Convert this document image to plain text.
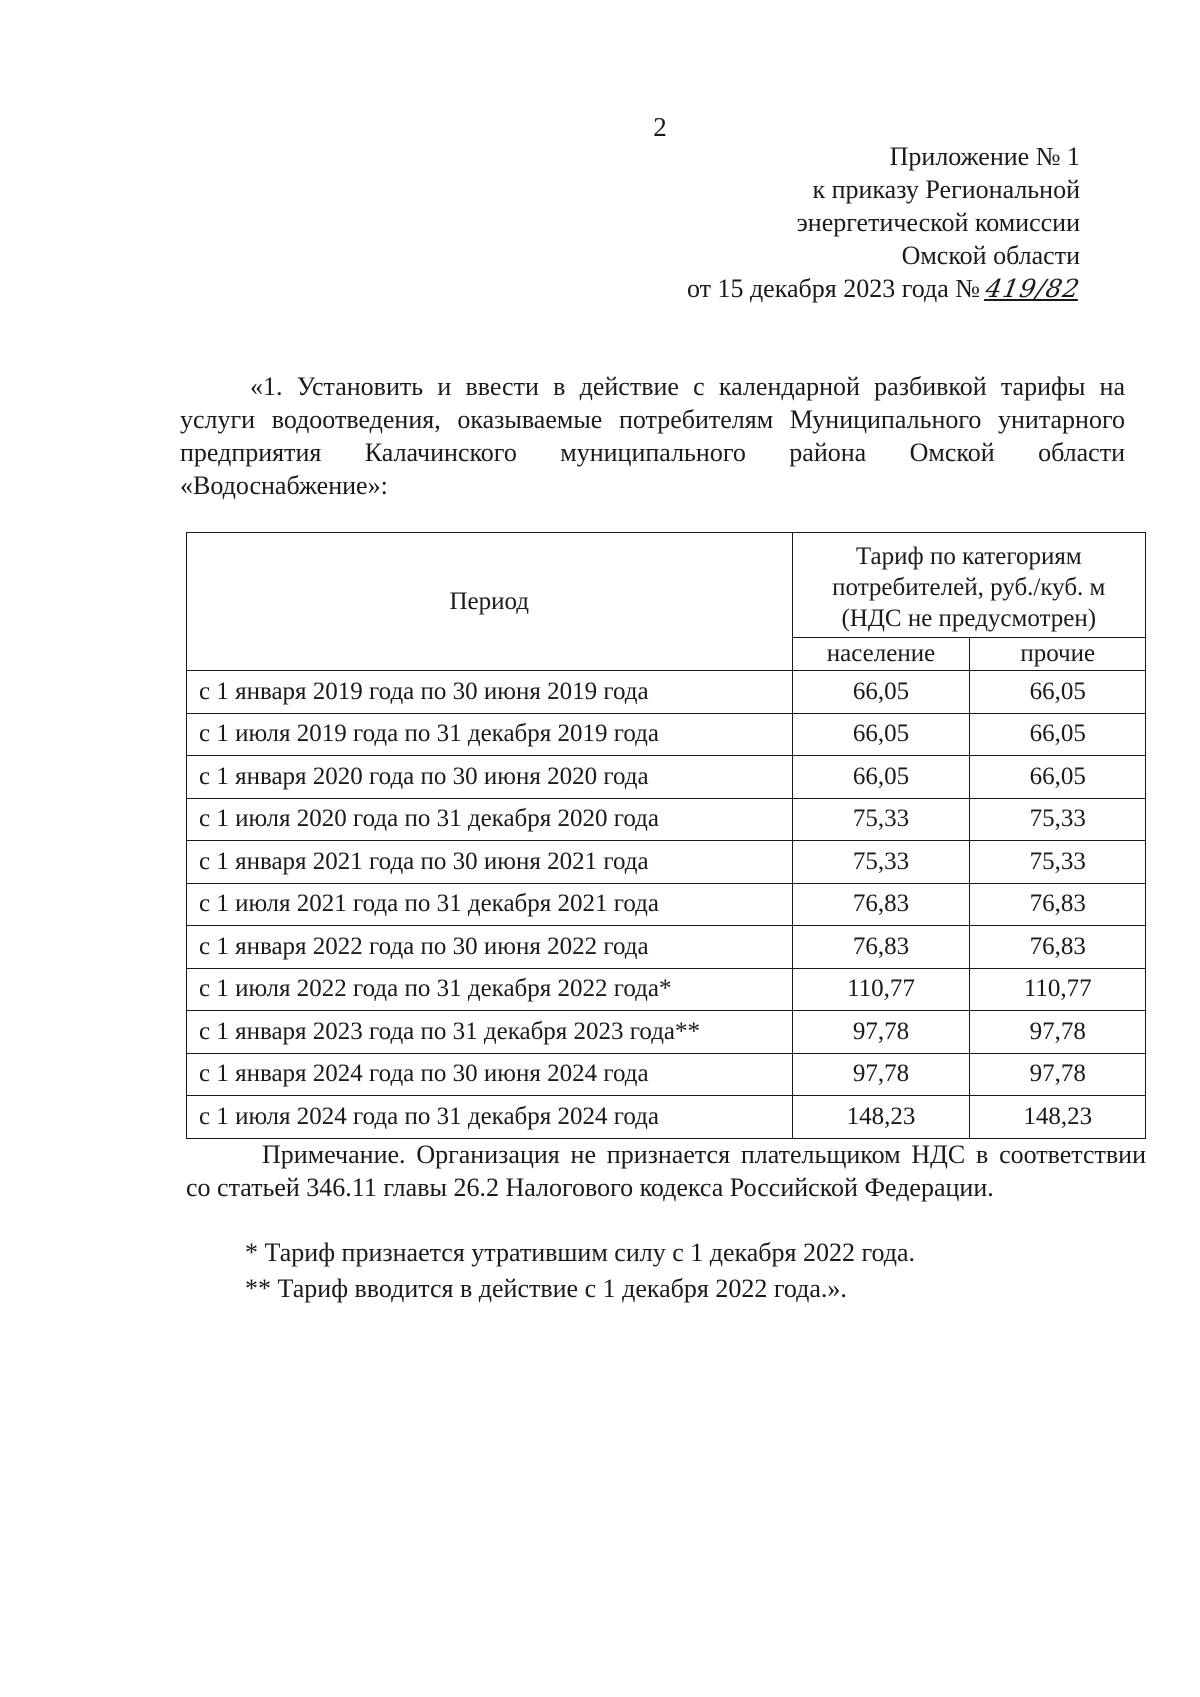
2
Приложение № 1
к приказу Региональной
энергетической комиссии
Омской области
от 15 декабря 2023 года № 419/82

«1. Установить и ввести в действие с календарной разбивкой тарифы на услуги водоотведения, оказываемые потребителям Муниципального унитарного предприятия Калачинского муниципального района Омской области «Водоснабжение»:

Период	Тариф по категориям потребителей, руб./куб. м (НДС не предусмотрен)	
	население	прочие
с 1 января 2019 года по 30 июня 2019 года	66,05	66,05
с 1 июля 2019 года по 31 декабря 2019 года	66,05	66,05
с 1 января 2020 года по 30 июня 2020 года	66,05	66,05
с 1 июля 2020 года по 31 декабря 2020 года	75,33	75,33
с 1 января 2021 года по 30 июня 2021 года	75,33	75,33
с 1 июля 2021 года по 31 декабря 2021 года	76,83	76,83
с 1 января 2022 года по 30 июня 2022 года	76,83	76,83
с 1 июля 2022 года по 31 декабря 2022 года*	110,77	110,77
с 1 января 2023 года по 31 декабря 2023 года**	97,78	97,78
с 1 января 2024 года по 30 июня 2024 года	97,78	97,78
с 1 июля 2024 года по 31 декабря 2024 года	148,23	148,23

Примечание. Организация не признается плательщиком НДС в соответствии со статьей 346.11 главы 26.2 Налогового кодекса Российской Федерации.

* Тариф признается утратившим силу с 1 декабря 2022 года.
** Тариф вводится в действие с 1 декабря 2022 года.».
